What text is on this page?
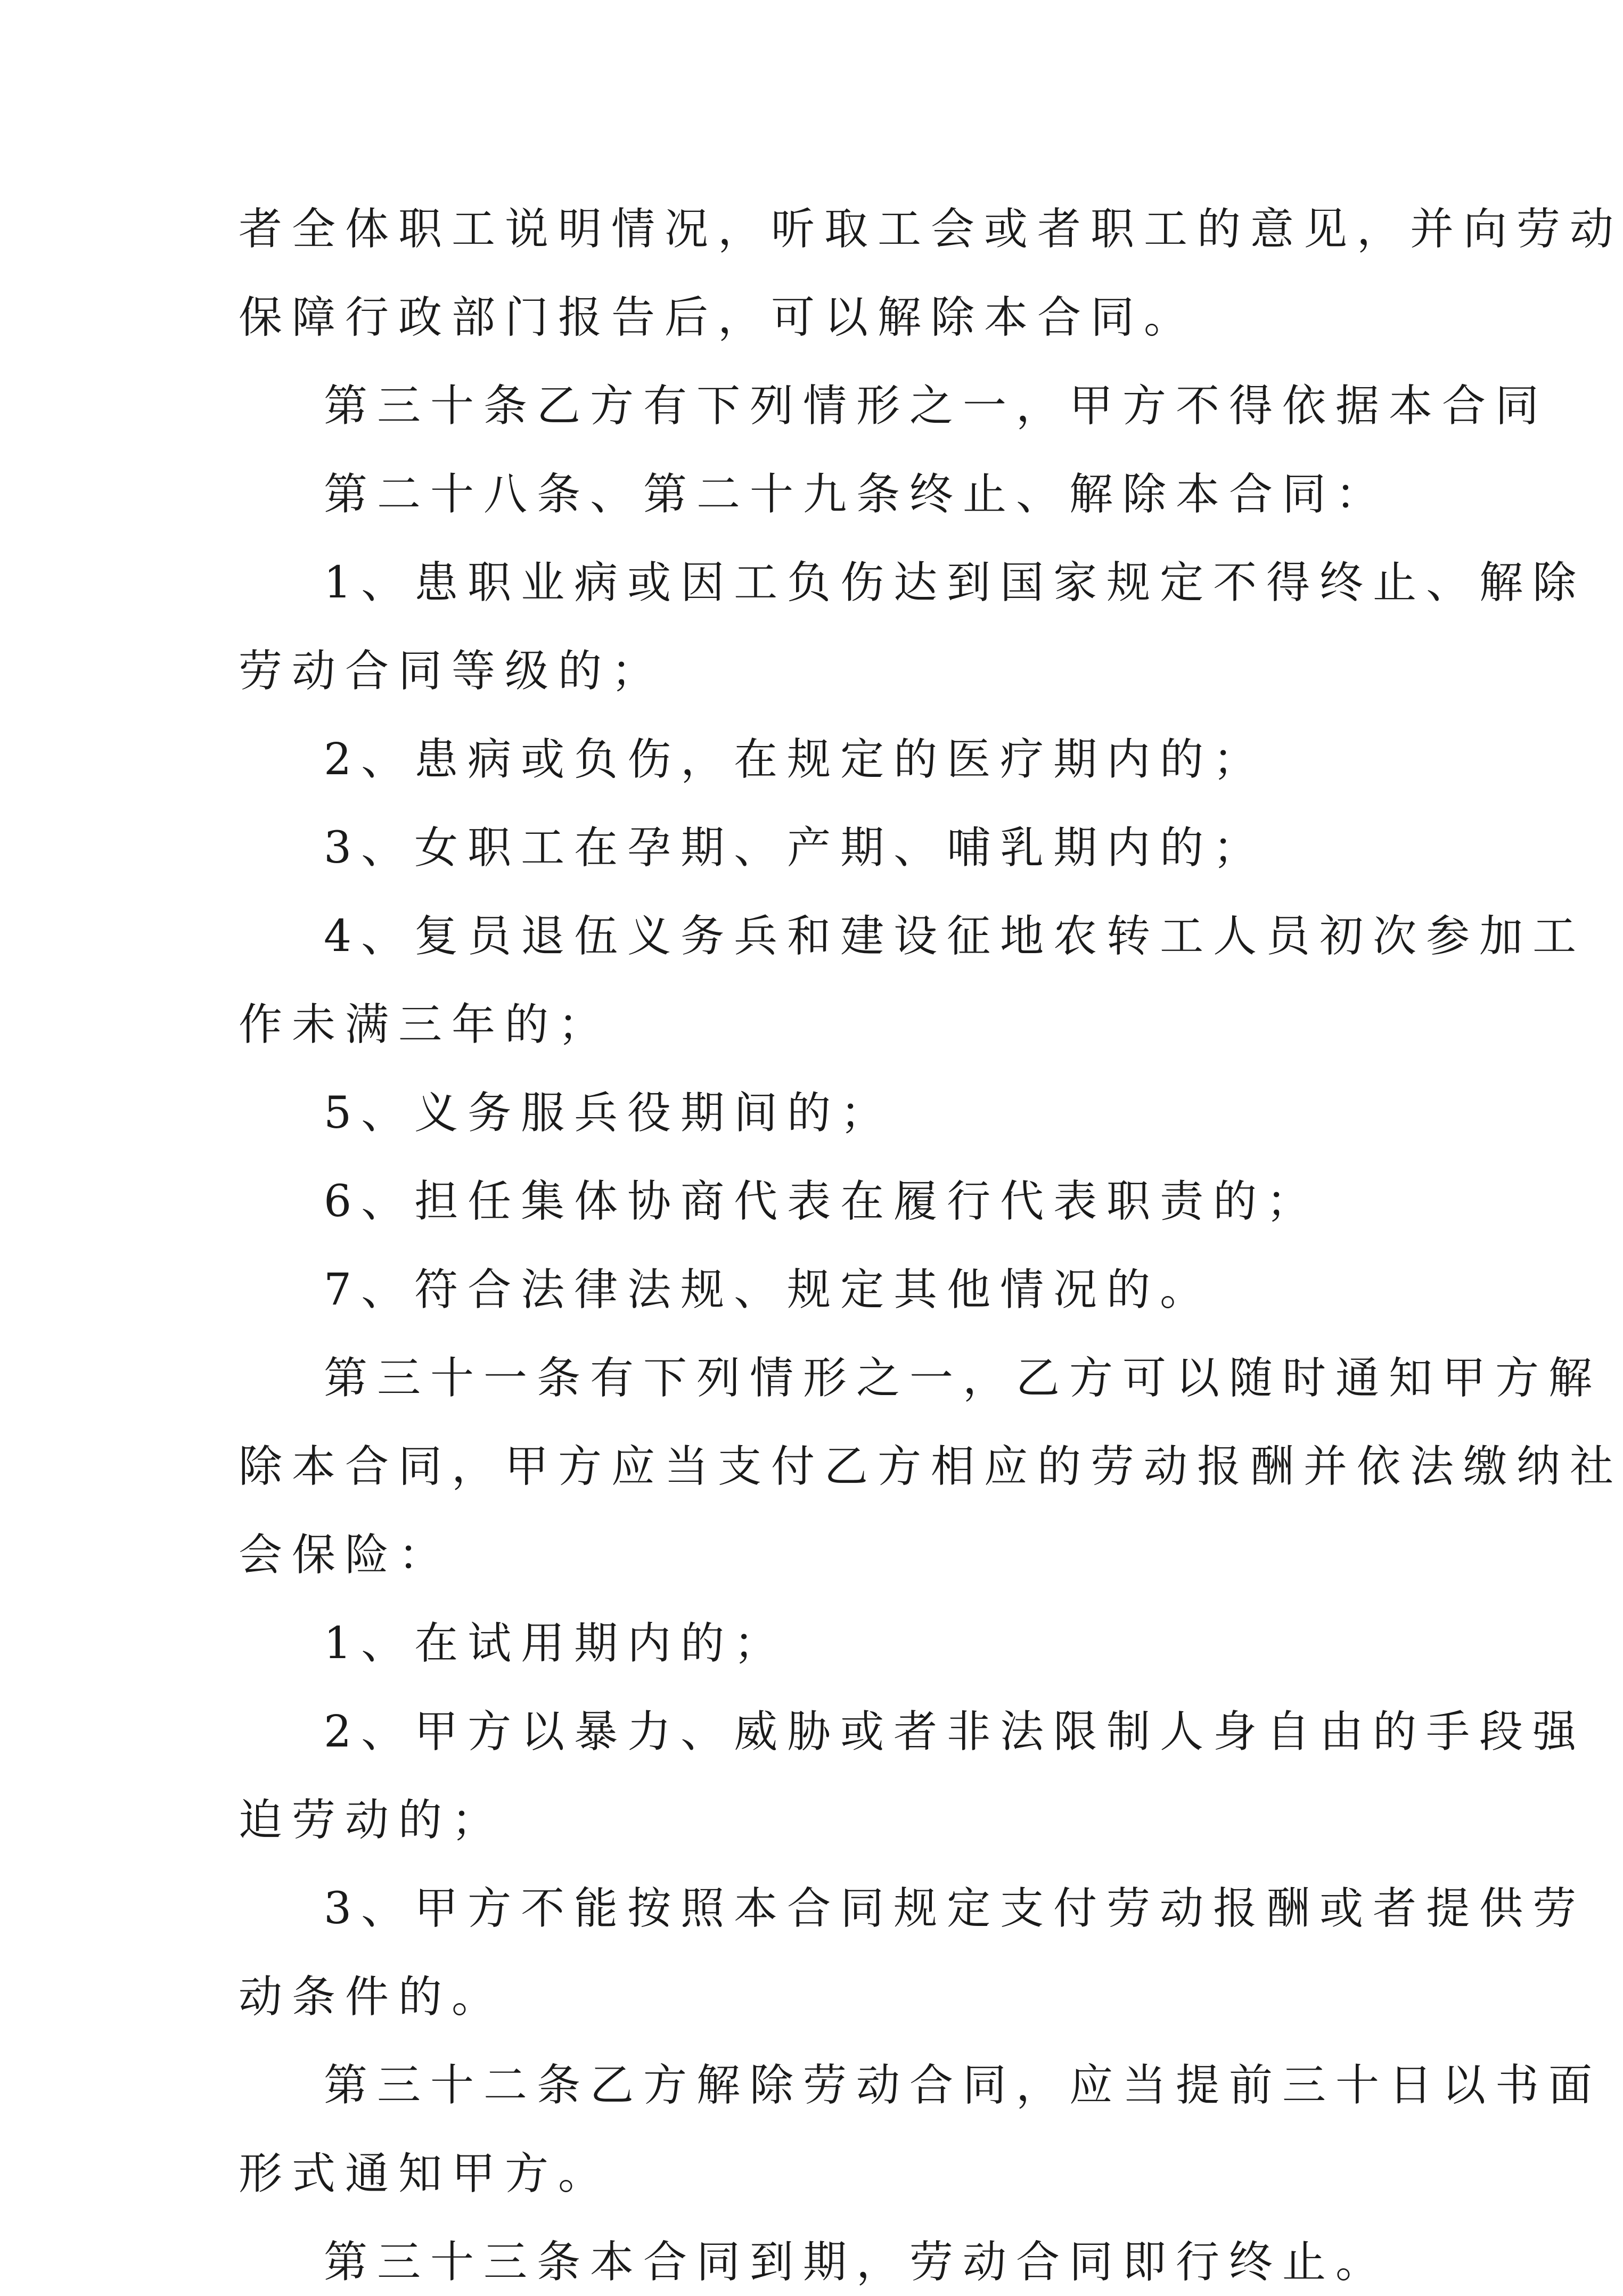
者全体职工说明情况，听取工会或者职工的意见，并向劳动
保障行政部门报告后，可以解除本合同。
第三十条乙方有下列情形之一，甲方不得依据本合同
第二十八条、第二十九条终止、解除本合同：
1、患职业病或因工负伤达到国家规定不得终止、解除
劳动合同等级的；
2、患病或负伤，在规定的医疗期内的；
3、女职工在孕期、产期、哺乳期内的；
4、复员退伍义务兵和建设征地农转工人员初次参加工
作未满三年的；
5、义务服兵役期间的；
6、担任集体协商代表在履行代表职责的；
7、符合法律法规、规定其他情况的。
第三十一条有下列情形之一，乙方可以随时通知甲方解
除本合同，甲方应当支付乙方相应的劳动报酬并依法缴纳社
会保险：
1、在试用期内的；
2、甲方以暴力、威胁或者非法限制人身自由的手段强
迫劳动的；
3、甲方不能按照本合同规定支付劳动报酬或者提供劳
动条件的。
第三十二条乙方解除劳动合同，应当提前三十日以书面
形式通知甲方。
第三十三条本合同到期，劳动合同即行终止。
